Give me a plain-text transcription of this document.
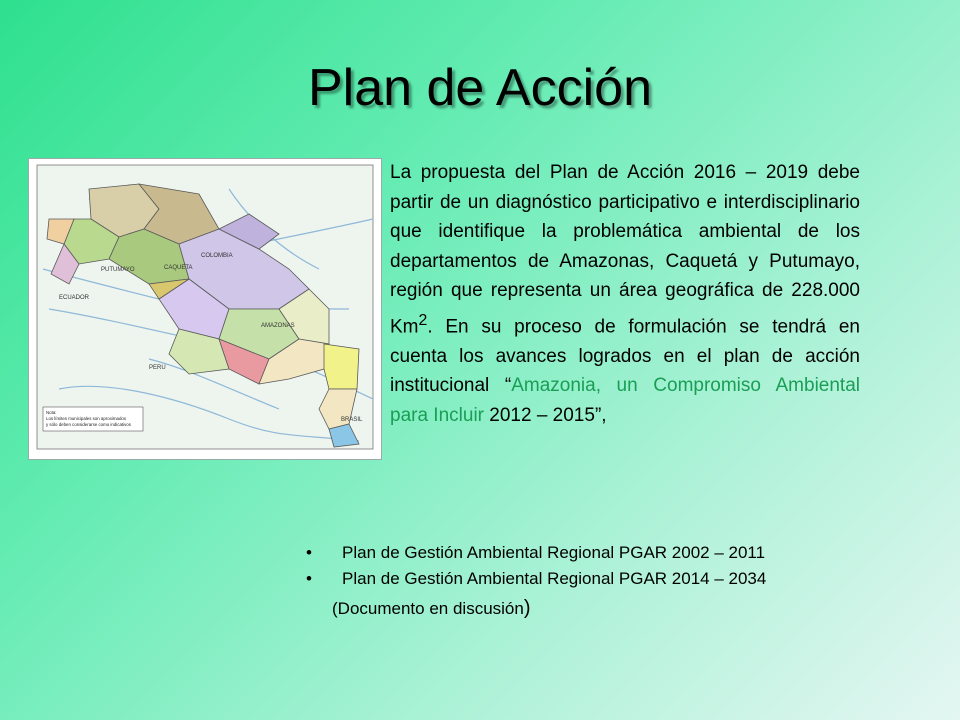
Plan de Acción
COLOMBIA
CAQUETA
PUTUMAYO
AMAZONAS
ECUADOR
PERU
BRASIL
Nota:
Los límites municipales son aproximados
y sólo deben considerarse como indicativos

La propuesta del Plan de Acción 2016 – 2019 debe partir de un diagnóstico participativo e interdisciplinario que identifique la problemática ambiental de los departamentos de Amazonas, Caquetá y Putumayo, región que representa un área geográfica de 228.000 Km$^2$. En su proceso de formulación se tendrá en cuenta los avances logrados en el plan de acción institucional “Amazonia, un Compromiso Ambiental para Incluir 2012 – 2015”,

• Plan de Gestión Ambiental Regional PGAR 2002 – 2011
• Plan de Gestión Ambiental Regional PGAR 2014 – 2034
(Documento en discusión)
